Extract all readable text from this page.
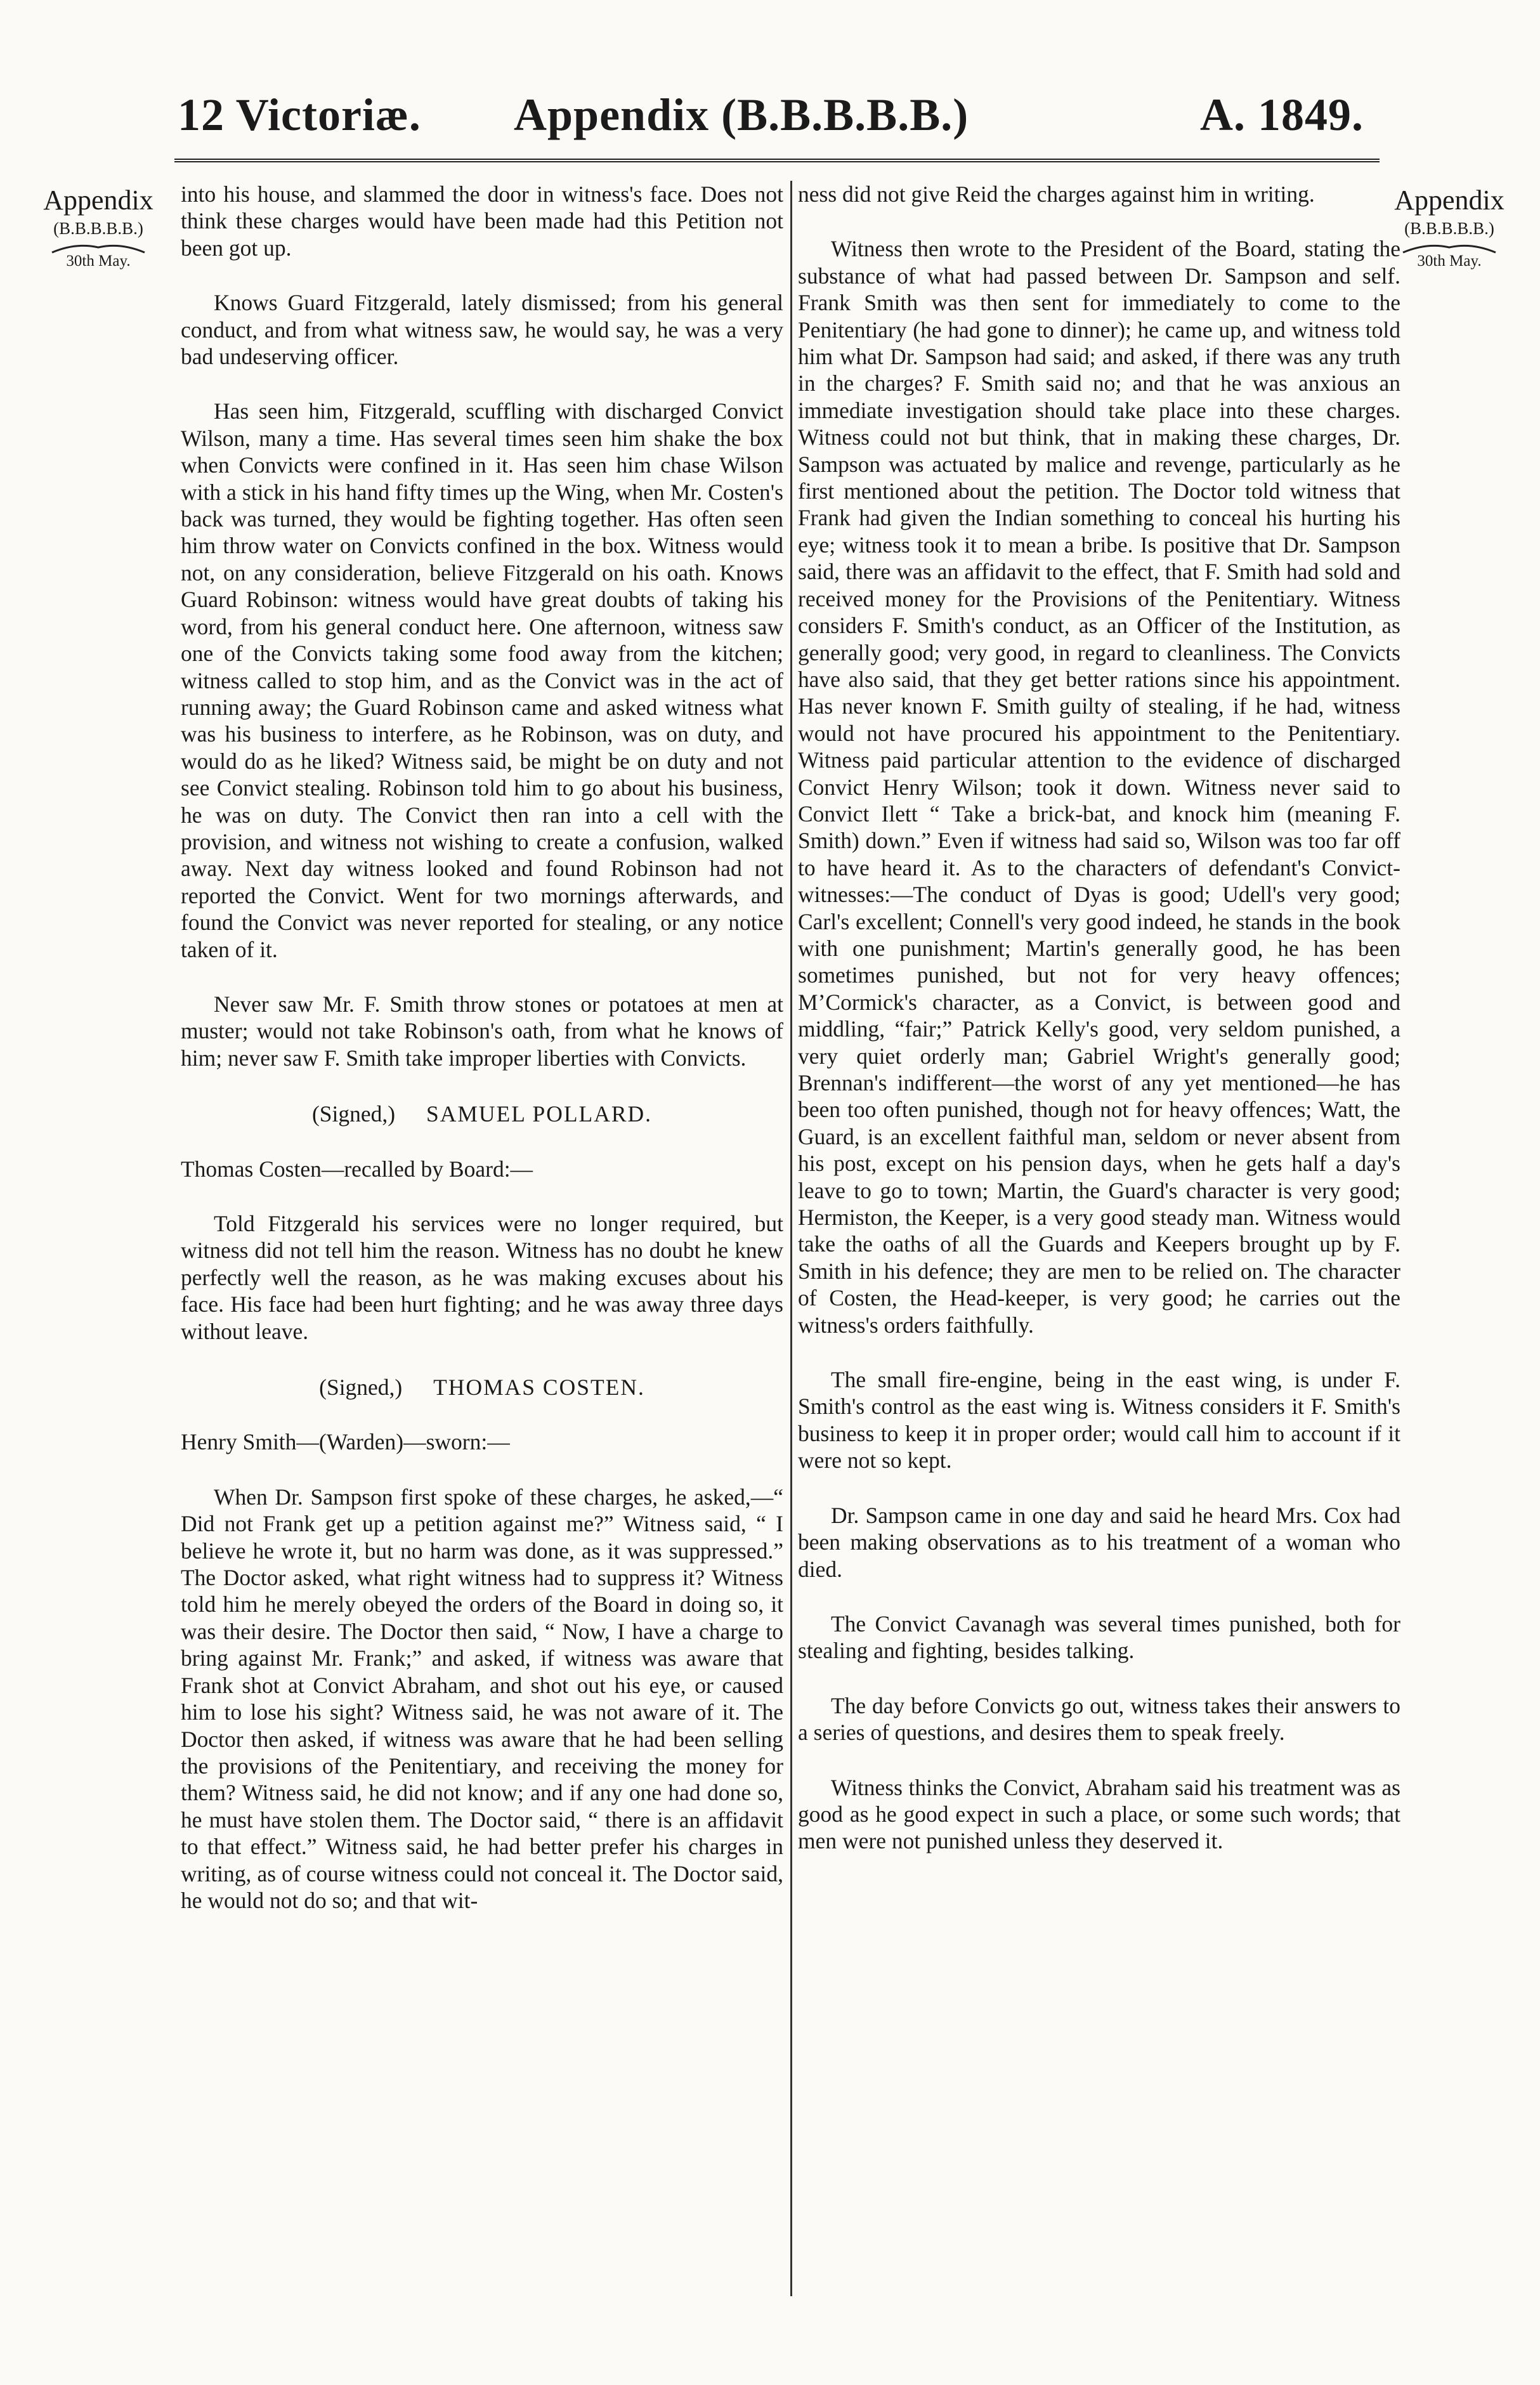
12 Victoriæ. Appendix (B.B.B.B.B.)	A. 1849.
Appendix
(B.B.B.B.B.)
30th May.
Appendix
(B.B.B.B.B.)
30th May.

into his house, and slammed the door in witness's face. Does not think these charges would have been made had this Petition not been got up.

Knows Guard Fitzgerald, lately dismissed; from his general conduct, and from what witness saw, he would say, he was a very bad undeserving officer.

Has seen him, Fitzgerald, scuffling with discharged Convict Wilson, many a time. Has several times seen him shake the box when Convicts were confined in it. Has seen him chase Wilson with a stick in his hand fifty times up the Wing, when Mr. Costen's back was turned, they would be fighting together. Has often seen him throw water on Convicts confined in the box. Witness would not, on any consideration, believe Fitzgerald on his oath. Knows Guard Robinson: witness would have great doubts of taking his word, from his general conduct here. One afternoon, witness saw one of the Convicts taking some food away from the kitchen; witness called to stop him, and as the Convict was in the act of running away; the Guard Robinson came and asked witness what was his business to interfere, as he Robinson, was on duty, and would do as he liked? Witness said, be might be on duty and not see Convict stealing. Robinson told him to go about his business, he was on duty. The Convict then ran into a cell with the provision, and witness not wishing to create a confusion, walked away. Next day witness looked and found Robinson had not reported the Convict. Went for two mornings afterwards, and found the Convict was never reported for stealing, or any notice taken of it.

Never saw Mr. F. Smith throw stones or potatoes at men at muster; would not take Robinson's oath, from what he knows of him; never saw F. Smith take improper liberties with Convicts.

(Signed,) SAMUEL POLLARD.

Thomas Costen—recalled by Board:—

Told Fitzgerald his services were no longer required, but witness did not tell him the reason. Witness has no doubt he knew perfectly well the reason, as he was making excuses about his face. His face had been hurt fighting; and he was away three days without leave.

(Signed,) THOMAS COSTEN.

Henry Smith—(Warden)—sworn:—

When Dr. Sampson first spoke of these charges, he asked,—“ Did not Frank get up a petition against me?” Witness said, “ I believe he wrote it, but no harm was done, as it was suppressed.” The Doctor asked, what right witness had to suppress it? Witness told him he merely obeyed the orders of the Board in doing so, it was their desire. The Doctor then said, “ Now, I have a charge to bring against Mr. Frank;” and asked, if witness was aware that Frank shot at Convict Abraham, and shot out his eye, or caused him to lose his sight? Witness said, he was not aware of it. The Doctor then asked, if witness was aware that he had been selling the provisions of the Penitentiary, and receiving the money for them? Witness said, he did not know; and if any one had done so, he must have stolen them. The Doctor said, “ there is an affidavit to that effect.” Witness said, he had better prefer his charges in writing, as of course witness could not conceal it. The Doctor said, he would not do so; and that wit-

ness did not give Reid the charges against him in writing.

Witness then wrote to the President of the Board, stating the substance of what had passed between Dr. Sampson and self. Frank Smith was then sent for immediately to come to the Penitentiary (he had gone to dinner); he came up, and witness told him what Dr. Sampson had said; and asked, if there was any truth in the charges? F. Smith said no; and that he was anxious an immediate investigation should take place into these charges. Witness could not but think, that in making these charges, Dr. Sampson was actuated by malice and revenge, particularly as he first mentioned about the petition. The Doctor told witness that Frank had given the Indian something to conceal his hurting his eye; witness took it to mean a bribe. Is positive that Dr. Sampson said, there was an affidavit to the effect, that F. Smith had sold and received money for the Provisions of the Penitentiary. Witness considers F. Smith's conduct, as an Officer of the Institution, as generally good; very good, in regard to cleanliness. The Convicts have also said, that they get better rations since his appointment. Has never known F. Smith guilty of stealing, if he had, witness would not have procured his appointment to the Penitentiary. Witness paid particular attention to the evidence of discharged Convict Henry Wilson; took it down. Witness never said to Convict Ilett “ Take a brick-bat, and knock him (meaning F. Smith) down.” Even if witness had said so, Wilson was too far off to have heard it. As to the characters of defendant's Convict-witnesses:—The conduct of Dyas is good; Udell's very good; Carl's excellent; Connell's very good indeed, he stands in the book with one punishment; Martin's generally good, he has been sometimes punished, but not for very heavy offences; M’Cormick's character, as a Convict, is between good and middling, “fair;” Patrick Kelly's good, very seldom punished, a very quiet orderly man; Gabriel Wright's generally good; Brennan's indifferent—the worst of any yet mentioned—he has been too often punished, though not for heavy offences; Watt, the Guard, is an excellent faithful man, seldom or never absent from his post, except on his pension days, when he gets half a day's leave to go to town; Martin, the Guard's character is very good; Hermiston, the Keeper, is a very good steady man. Witness would take the oaths of all the Guards and Keepers brought up by F. Smith in his defence; they are men to be relied on. The character of Costen, the Head-keeper, is very good; he carries out the witness's orders faithfully.

The small fire-engine, being in the east wing, is under F. Smith's control as the east wing is. Witness considers it F. Smith's business to keep it in proper order; would call him to account if it were not so kept.

Dr. Sampson came in one day and said he heard Mrs. Cox had been making observations as to his treatment of a woman who died.

The Convict Cavanagh was several times punished, both for stealing and fighting, besides talking.

The day before Convicts go out, witness takes their answers to a series of questions, and desires them to speak freely.

Witness thinks the Convict, Abraham said his treatment was as good as he good expect in such a place, or some such words; that men were not punished unless they deserved it.
